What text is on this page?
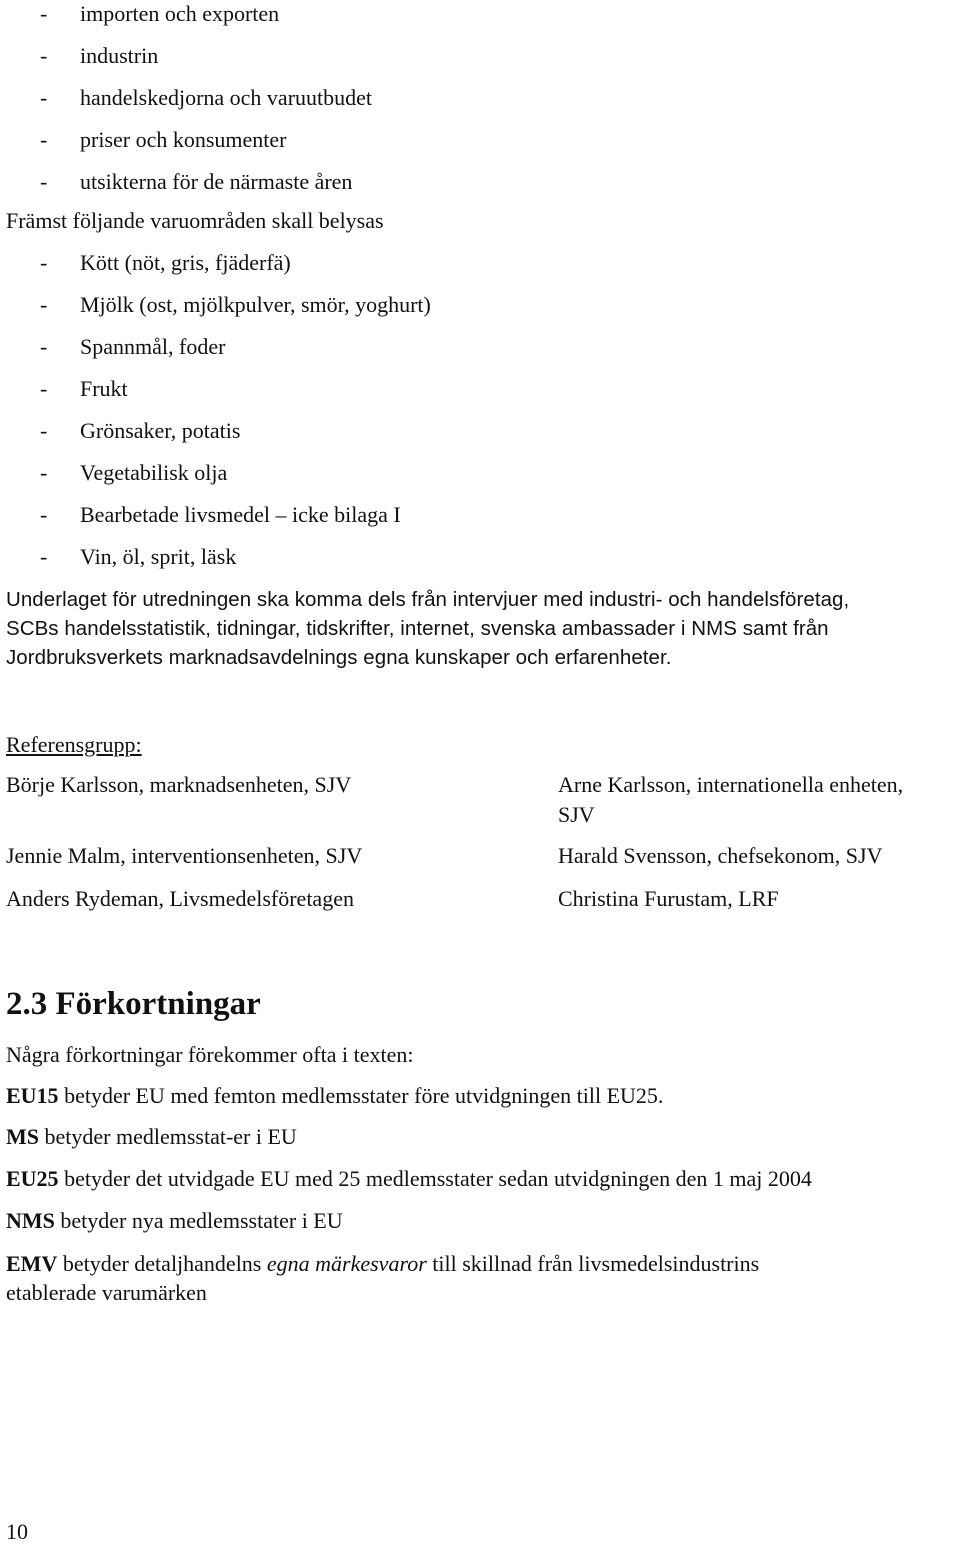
- importen och exporten
- industrin
- handelskedjorna och varuutbudet
- priser och konsumenter
- utsikterna för de närmaste åren
Främst följande varuområden skall belysas
- Kött (nöt, gris, fjäderfä)
- Mjölk (ost, mjölkpulver, smör, yoghurt)
- Spannmål, foder
- Frukt
- Grönsaker, potatis
- Vegetabilisk olja
- Bearbetade livsmedel – icke bilaga I
- Vin, öl, sprit, läsk

Underlaget för utredningen ska komma dels från intervjuer med industri- och handelsföretag,
SCBs handelsstatistik, tidningar, tidskrifter, internet, svenska ambassader i NMS samt från
Jordbruksverkets marknadsavdelnings egna kunskaper och erfarenheter.

Referensgrupp:
Börje Karlsson, marknadsenheten, SJV
Jennie Malm, interventionsenheten, SJV
Anders Rydeman, Livsmedelsföretagen
Arne Karlsson, internationella enheten,
SJV
Harald Svensson, chefsekonom, SJV
Christina Furustam, LRF
2.3 Förkortningar
Några förkortningar förekommer ofta i texten:
EU15 betyder EU med femton medlemsstater före utvidgningen till EU25.
MS betyder medlemsstat-er i EU
EU25 betyder det utvidgade EU med 25 medlemsstater sedan utvidgningen den 1 maj 2004
NMS betyder nya medlemsstater i EU
EMV betyder detaljhandelns egna märkesvaror till skillnad från livsmedelsindustrins
etablerade varumärken
10
